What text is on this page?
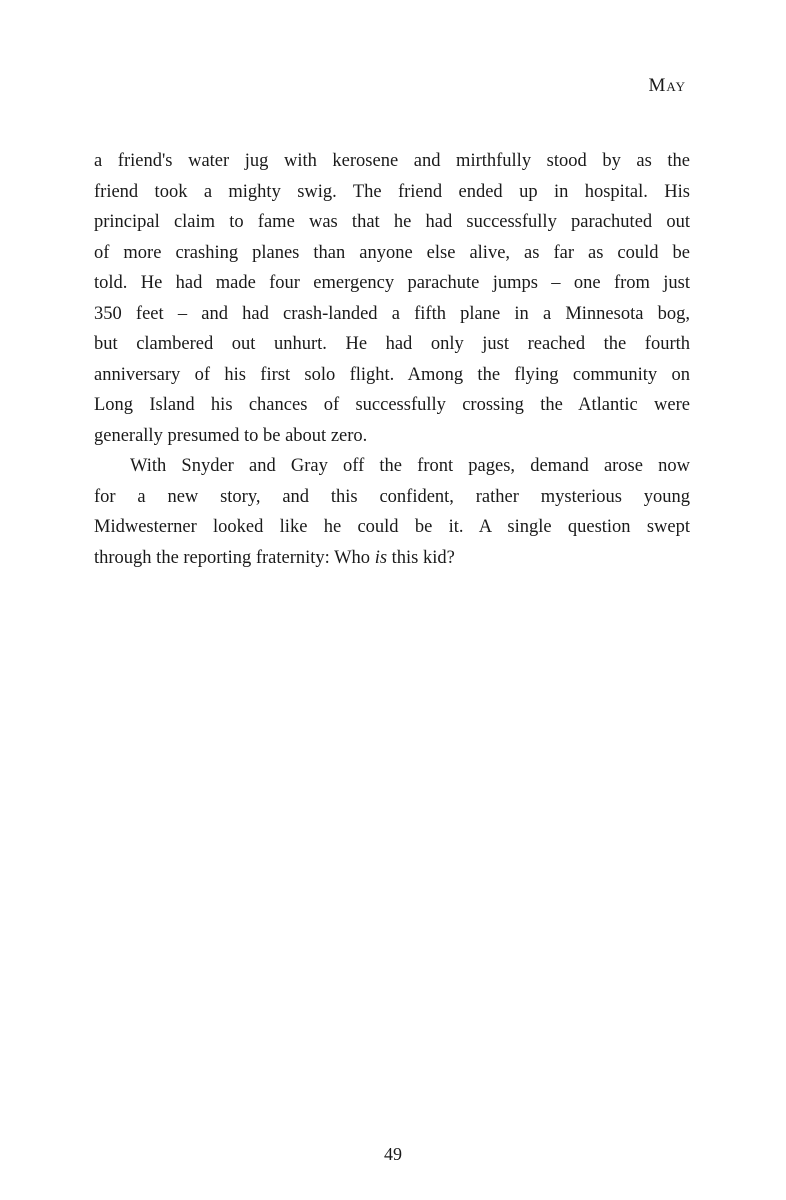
May
a friend's water jug with kerosene and mirthfully stood by as the
friend took a mighty swig. The friend ended up in hospital. His
principal claim to fame was that he had successfully parachuted out
of more crashing planes than anyone else alive, as far as could be
told. He had made four emergency parachute jumps – one from just
350 feet – and had crash-landed a fifth plane in a Minnesota bog,
but clambered out unhurt. He had only just reached the fourth
anniversary of his first solo flight. Among the flying community on
Long Island his chances of successfully crossing the Atlantic were
generally presumed to be about zero.
With Snyder and Gray off the front pages, demand arose now
for a new story, and this confident, rather mysterious young
Midwesterner looked like he could be it. A single question swept
through the reporting fraternity: Who is this kid?
49
